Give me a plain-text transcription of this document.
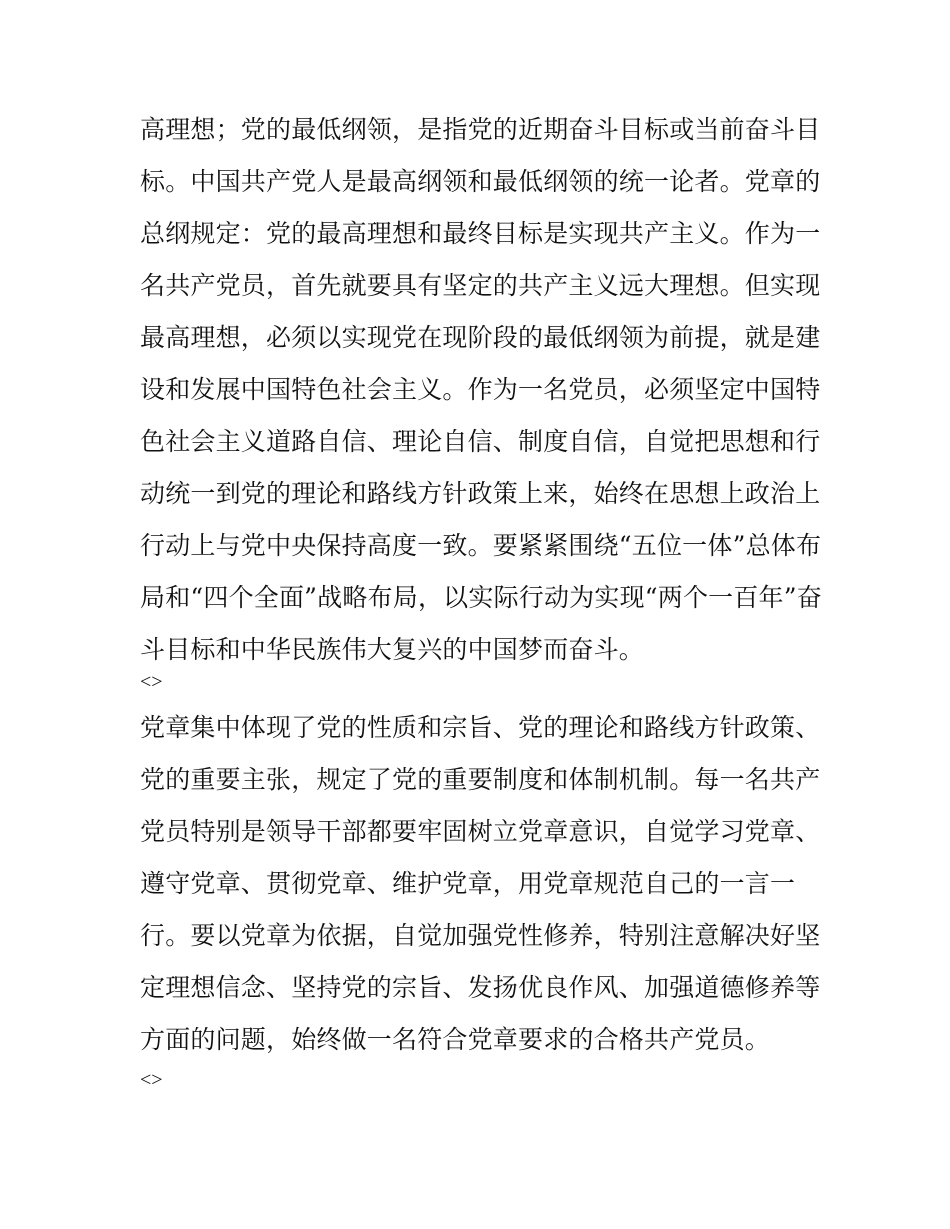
高理想；党的最低纲领，是指党的近期奋斗目标或当前奋斗目
标。中国共产党人是最高纲领和最低纲领的统一论者。党章的
总纲规定：党的最高理想和最终目标是实现共产主义。作为一
名共产党员，首先就要具有坚定的共产主义远大理想。但实现
最高理想，必须以实现党在现阶段的最低纲领为前提，就是建
设和发展中国特色社会主义。作为一名党员，必须坚定中国特
色社会主义道路自信、理论自信、制度自信，自觉把思想和行
动统一到党的理论和路线方针政策上来，始终在思想上政治上
行动上与党中央保持高度一致。要紧紧围绕“五位一体”总体布
局和“四个全面”战略布局，以实际行动为实现“两个一百年”奋
斗目标和中华民族伟大复兴的中国梦而奋斗。
<>
党章集中体现了党的性质和宗旨、党的理论和路线方针政策、
党的重要主张，规定了党的重要制度和体制机制。每一名共产
党员特别是领导干部都要牢固树立党章意识，自觉学习党章、
遵守党章、贯彻党章、维护党章，用党章规范自己的一言一
行。要以党章为依据，自觉加强党性修养，特别注意解决好坚
定理想信念、坚持党的宗旨、发扬优良作风、加强道德修养等
方面的问题，始终做一名符合党章要求的合格共产党员。
<>
